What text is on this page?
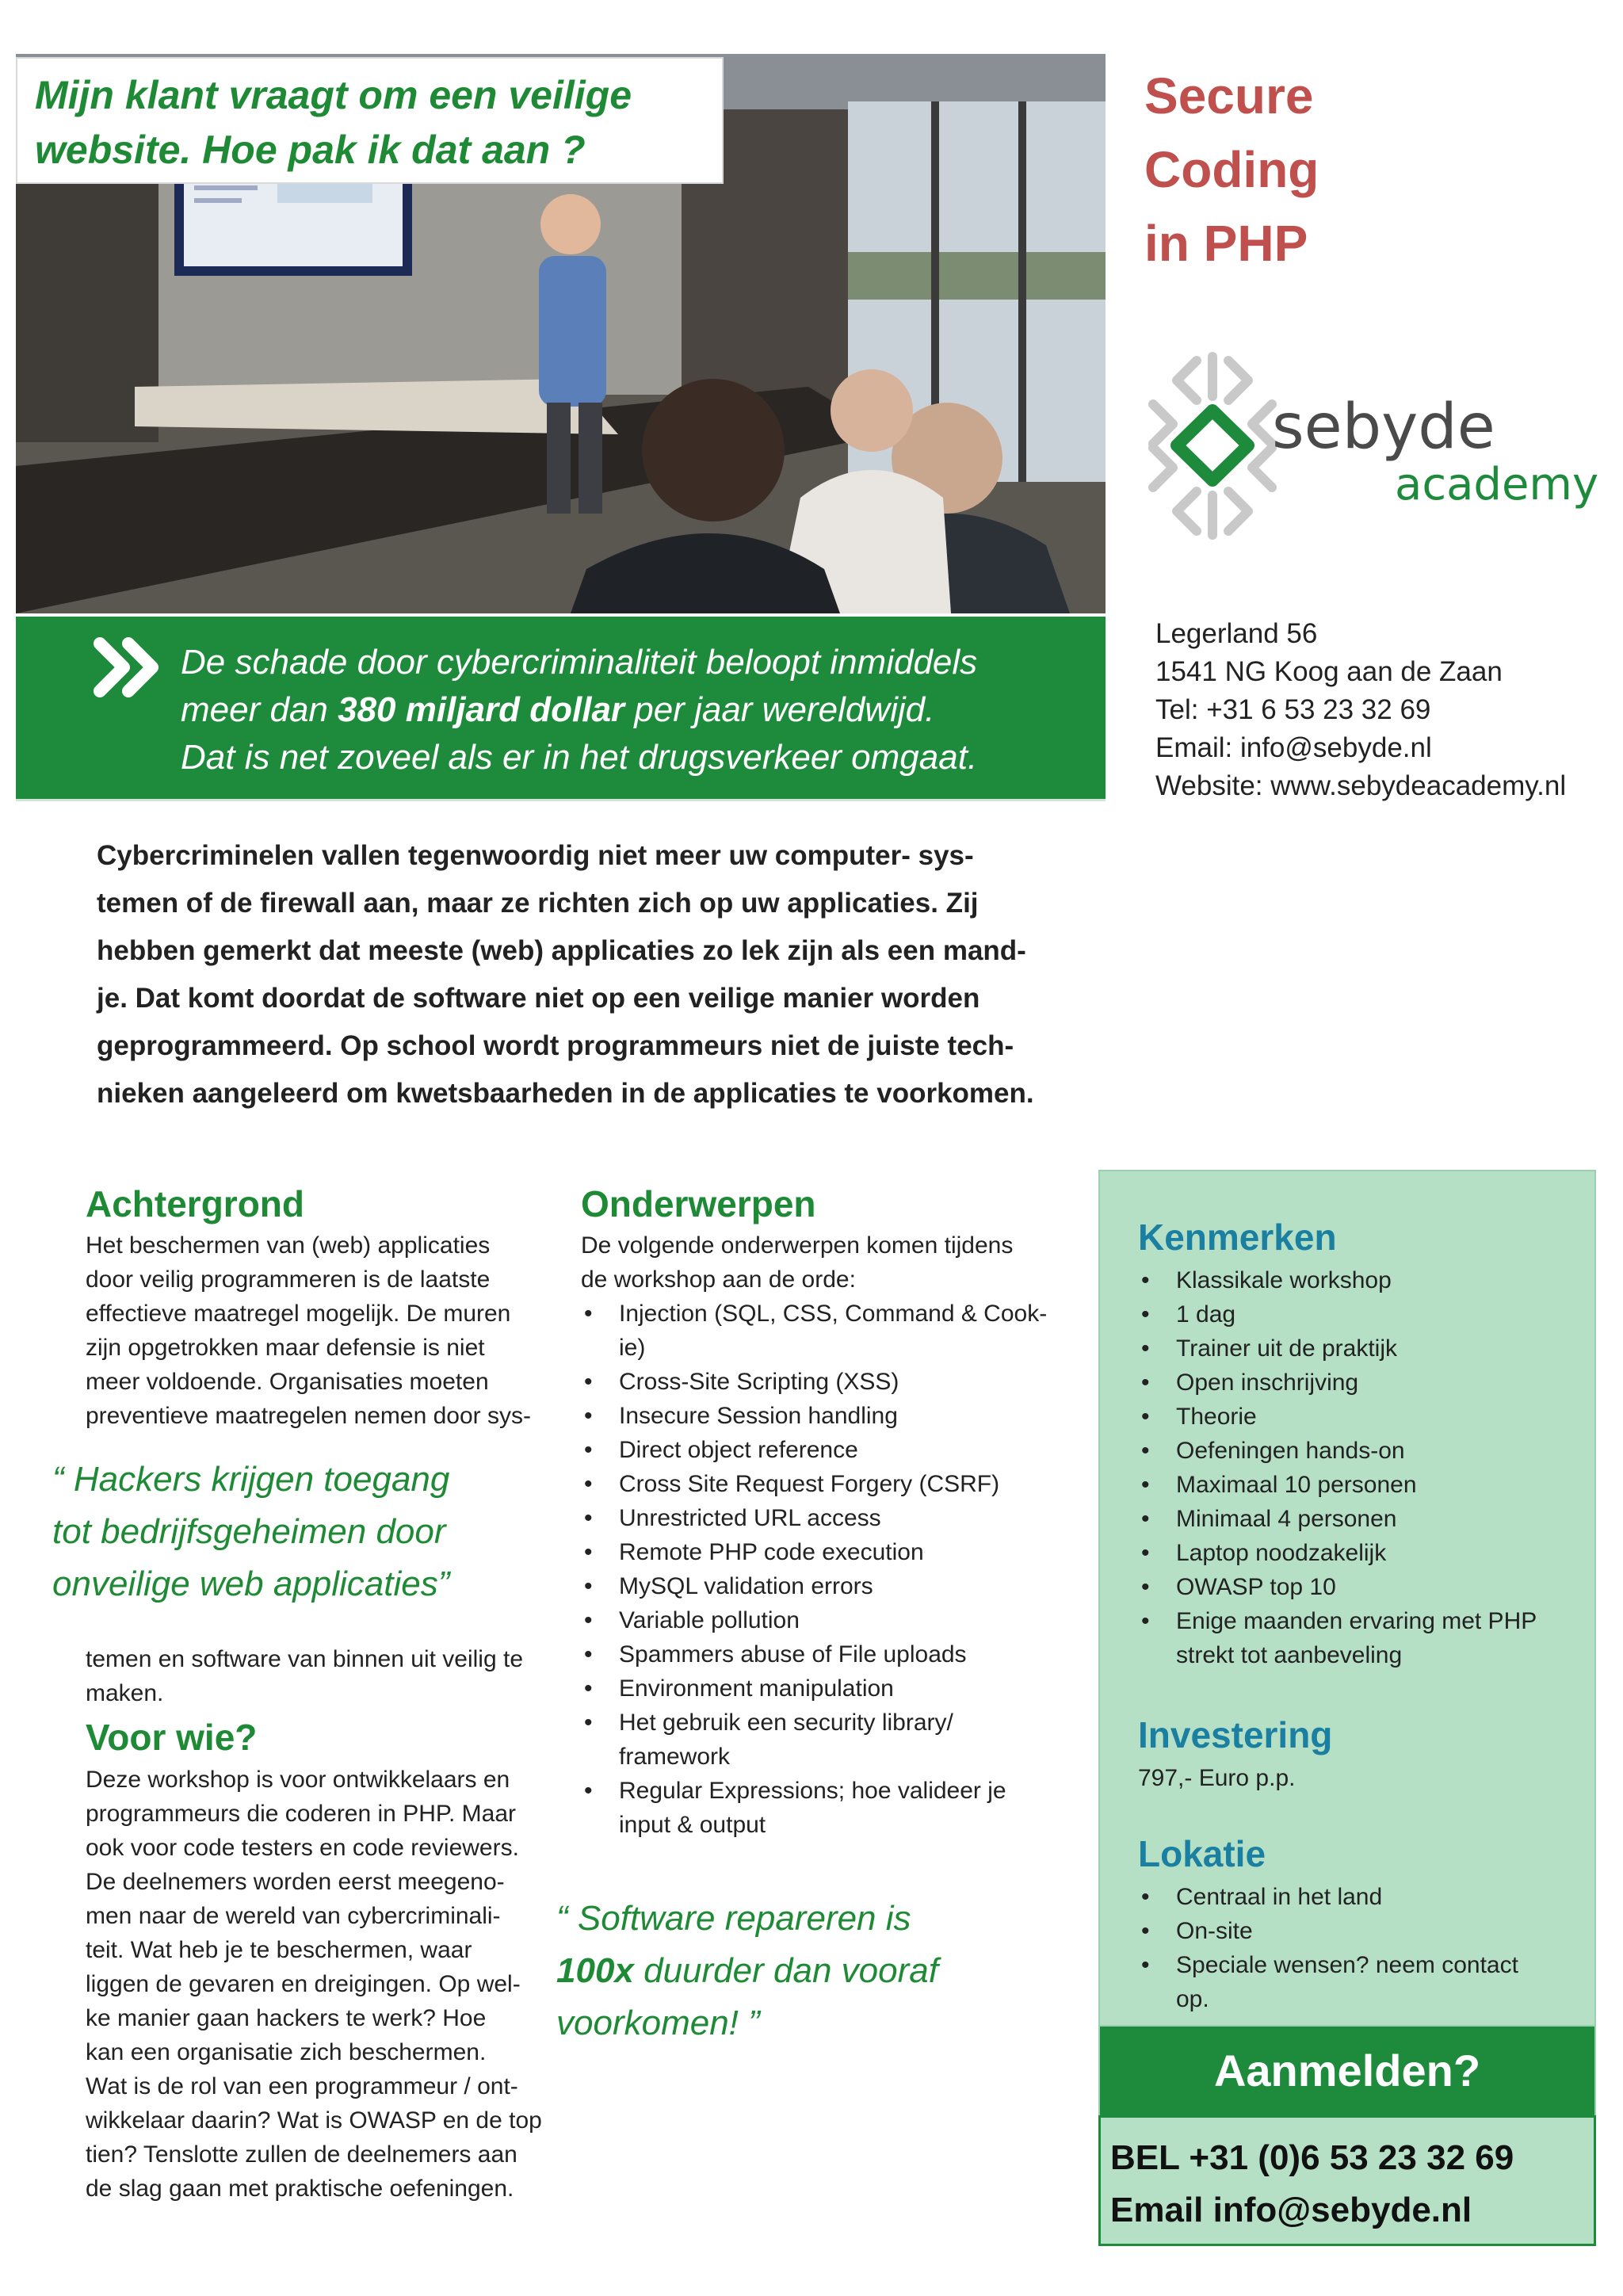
Mijn klant vraagt om een veilige
website. Hoe pak ik dat aan ?
Secure
Coding
in PHP
sebyde
academy
Legerland 56
1541 NG Koog aan de Zaan
Tel: +31 6 53 23 32 69
Email: info@sebyde.nl
Website: www.sebydeacademy.nl
De schade door cybercriminaliteit beloopt inmiddels
meer dan 380 miljard dollar per jaar wereldwijd.
Dat is net zoveel als er in het drugsverkeer omgaat.
Cybercriminelen vallen tegenwoordig niet meer uw computer- sys-
temen of de firewall aan, maar ze richten zich op uw applicaties. Zij
hebben gemerkt dat meeste (web) applicaties zo lek zijn als een mand-
je. Dat komt doordat de software niet op een veilige manier worden
geprogrammeerd. Op school wordt programmeurs niet de juiste tech-
nieken aangeleerd om kwetsbaarheden in de applicaties te voorkomen.
Achtergrond
Het beschermen van (web) applicaties
door veilig programmeren is de laatste
effectieve maatregel mogelijk. De muren
zijn opgetrokken maar defensie is niet
meer voldoende. Organisaties moeten
preventieve maatregelen nemen door sys-
“ Hackers krijgen toegang
tot bedrijfsgeheimen door
onveilige web applicaties”
temen en software van binnen uit veilig te
maken.
Voor wie?
Deze workshop is voor ontwikkelaars en
programmeurs die coderen in PHP. Maar
ook voor code testers en code reviewers.
De deelnemers worden eerst meegeno-
men naar de wereld van cybercriminali-
teit. Wat heb je te beschermen, waar
liggen de gevaren en dreigingen. Op wel-
ke manier gaan hackers te werk? Hoe
kan een organisatie zich beschermen.
Wat is de rol van een programmeur / ont-
wikkelaar daarin? Wat is OWASP en de top
tien? Tenslotte zullen de deelnemers aan
de slag gaan met praktische oefeningen.
Onderwerpen
De volgende onderwerpen komen tijdens
de workshop aan de orde:
• Injection (SQL, CSS, Command & Cook-
ie)
• Cross-Site Scripting (XSS)
• Insecure Session handling
• Direct object reference
• Cross Site Request Forgery (CSRF)
• Unrestricted URL access
• Remote PHP code execution
• MySQL validation errors
• Variable pollution
• Spammers abuse of File uploads
• Environment manipulation
• Het gebruik een security library/
framework
• Regular Expressions; hoe valideer je
input & output
“ Software repareren is
100x duurder dan vooraf
voorkomen! ”
Kenmerken
• Klassikale workshop
• 1 dag
• Trainer uit de praktijk
• Open inschrijving
• Theorie
• Oefeningen hands-on
• Maximaal 10 personen
• Minimaal 4 personen
• Laptop noodzakelijk
• OWASP top 10
• Enige maanden ervaring met PHP
strekt tot aanbeveling
Investering
797,- Euro p.p.
Lokatie
• Centraal in het land
• On-site
• Speciale wensen? neem contact
op.
Aanmelden?
BEL +31 (0)6 53 23 32 69
Email info@sebyde.nl
